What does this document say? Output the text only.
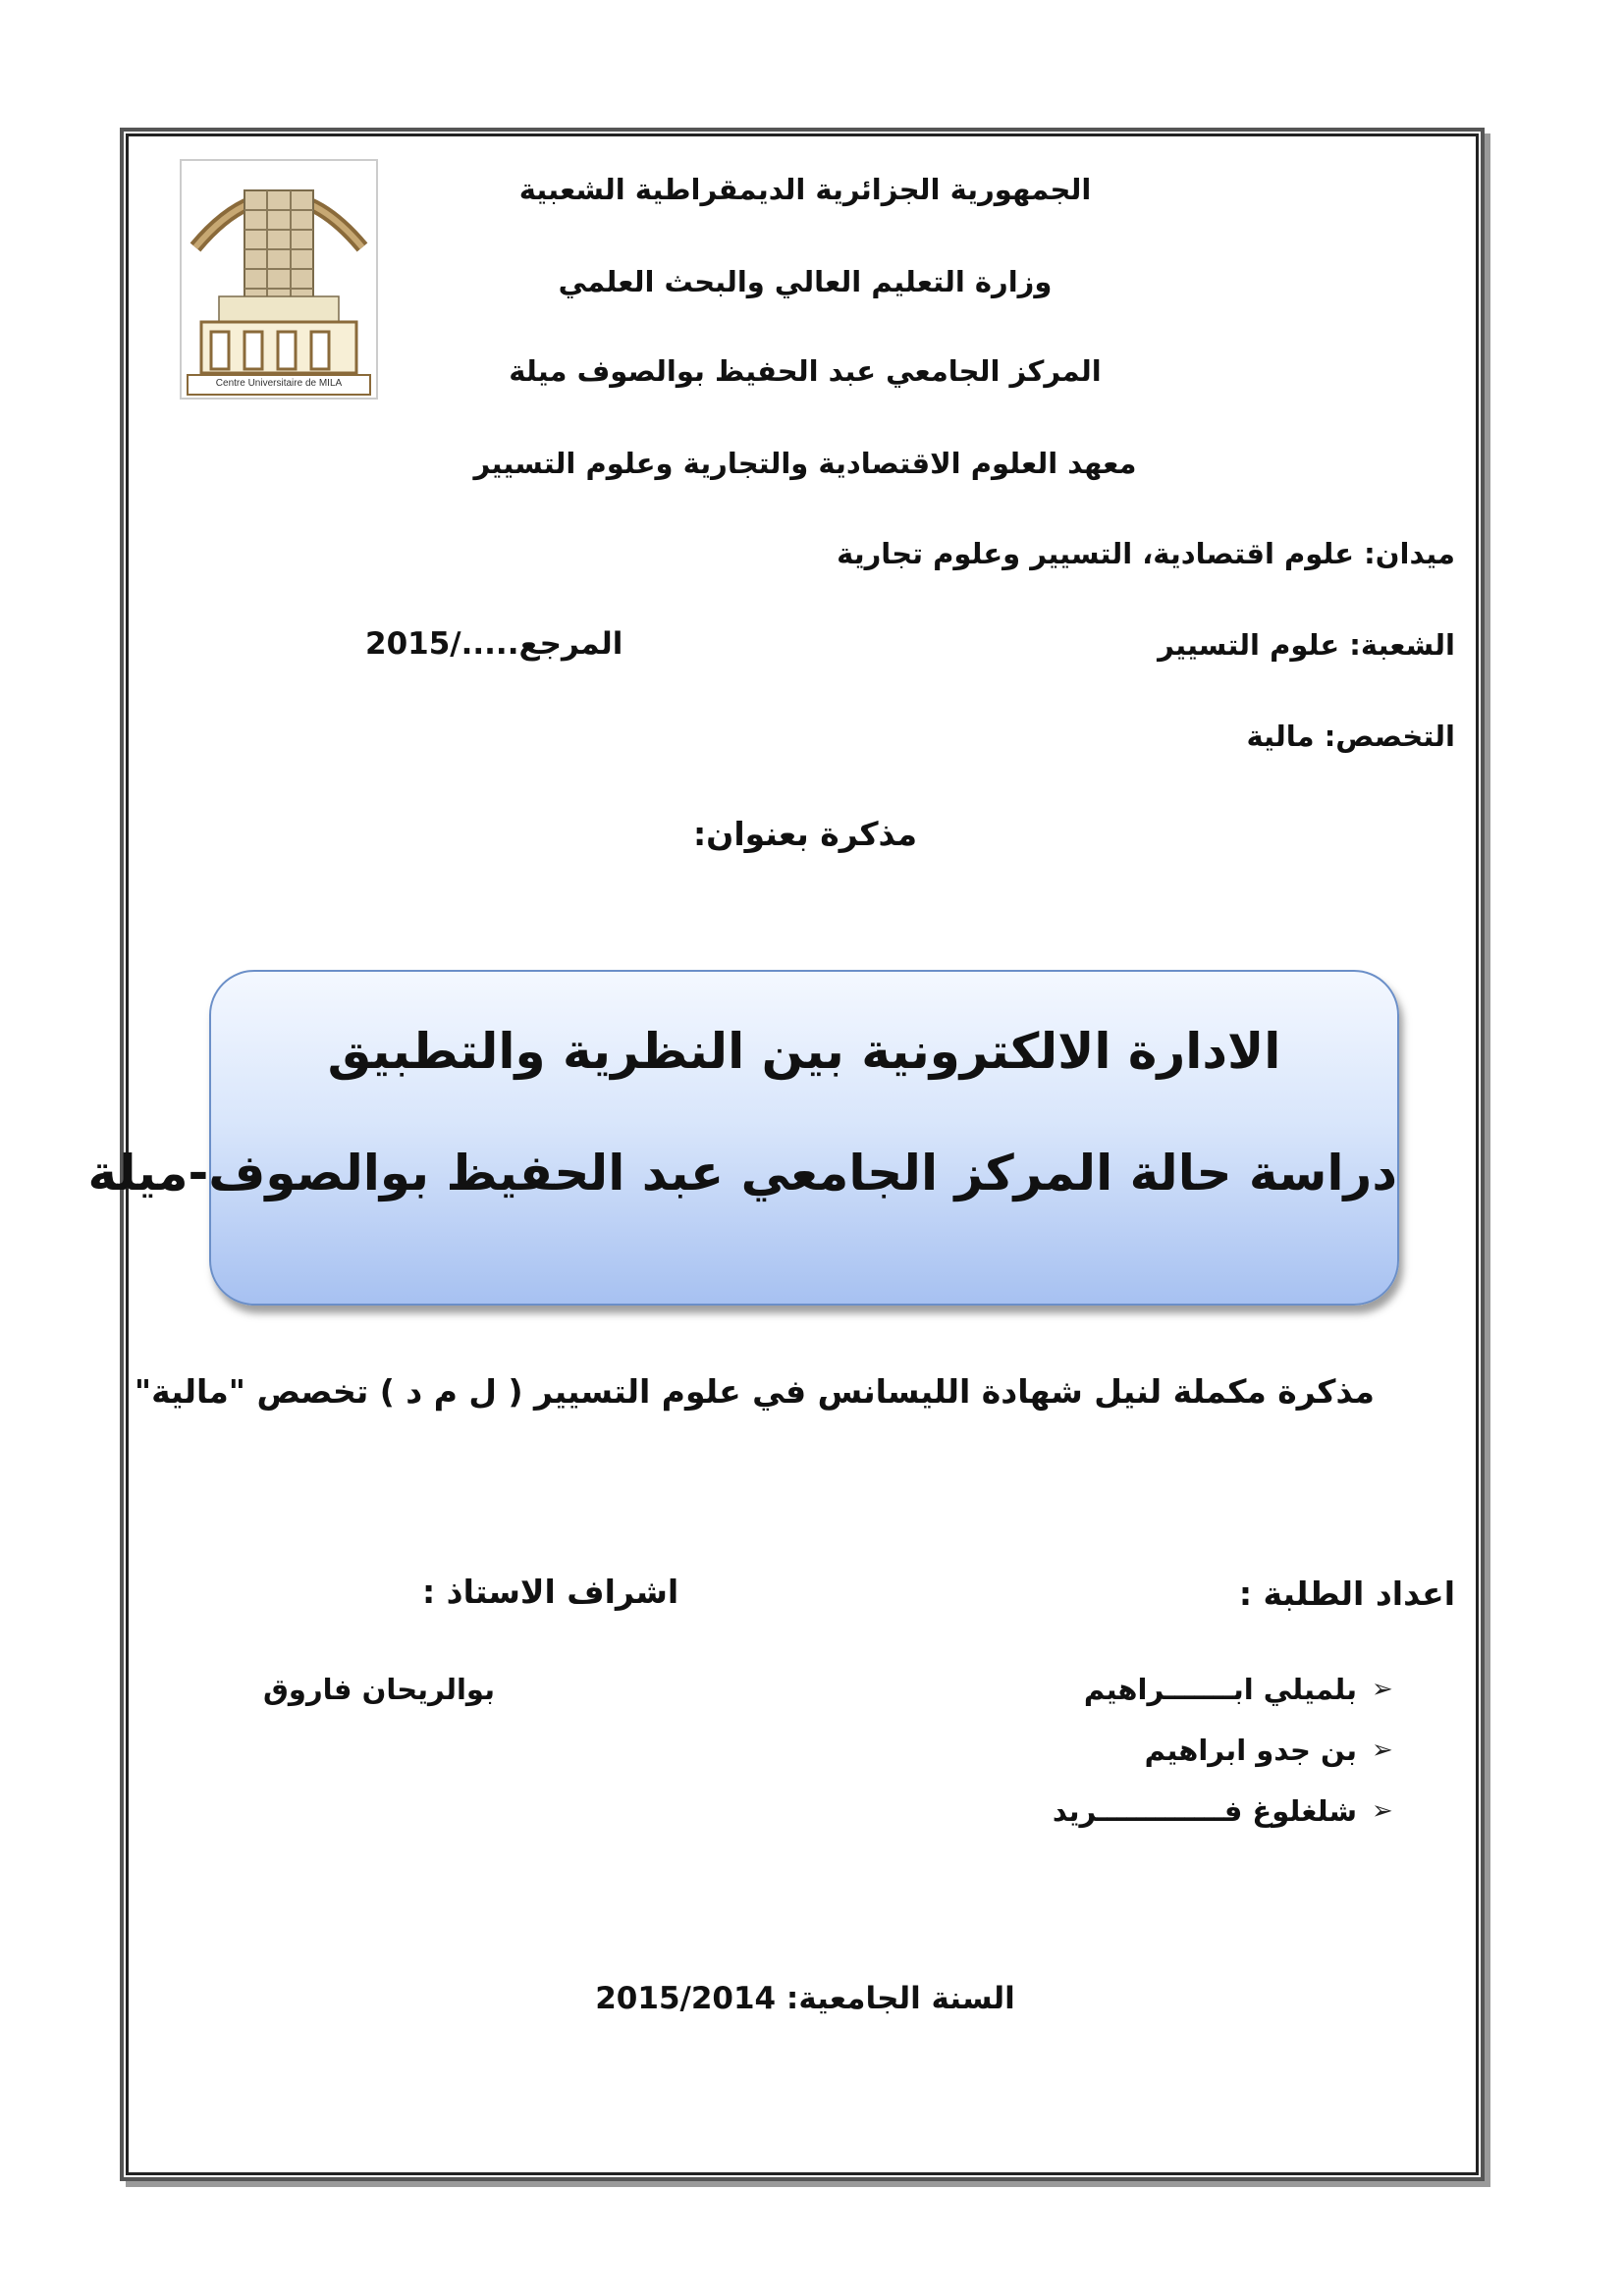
Centre Universitaire de MILA
الجمهورية الجزائرية الديمقراطية الشعبية
وزارة التعليم العالي والبحث العلمي
المركز الجامعي عبد الحفيظ بوالصوف ميلة
معهد العلوم الاقتصادية والتجارية وعلوم التسيير
ميدان: علوم اقتصادية، التسيير وعلوم تجارية
الشعبة: علوم التسيير
المرجع...../2015
التخصص: مالية
مذكرة بعنوان:
الادارة الالكترونية بين النظرية والتطبيق
دراسة حالة المركز الجامعي عبد الحفيظ بوالصوف-ميلة
مذكرة مكملة لنيل شهادة الليسانس في علوم التسيير ( ل م د ) تخصص "مالية"
اعداد الطلبة :
اشراف الاستاذ :
➢
بلميلي ابـــــــراهيم
➢
بن جدو ابراهيم
➢
شلغلوغ فـــــــــــــريد
بوالريحان فاروق
السنة الجامعية: 2015/2014
